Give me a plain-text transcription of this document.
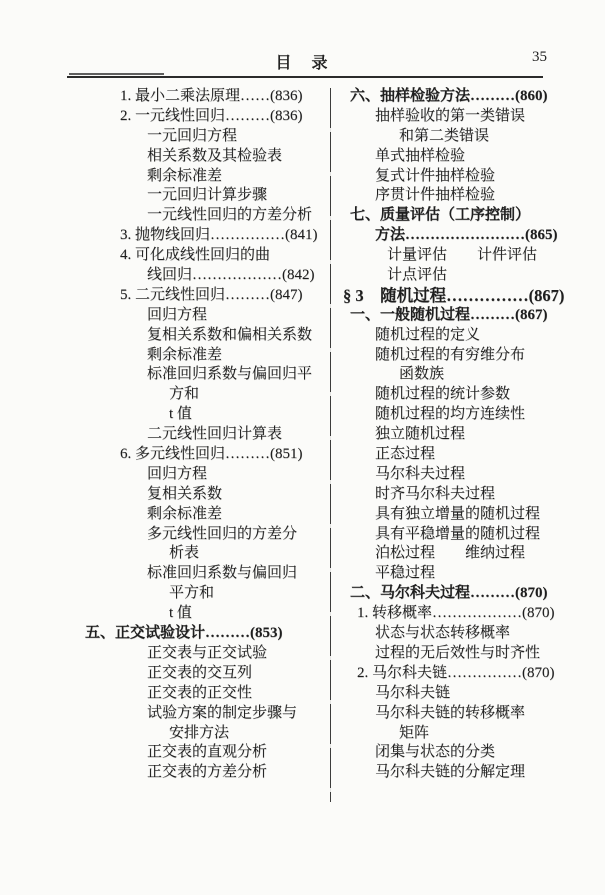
目　录	35
1. 最小二乘法原理……(836)
2. 一元线性回归………(836)
一元回归方程
相关系数及其检验表
剩余标准差
一元回归计算步骤
一元线性回归的方差分析
3. 抛物线回归……………(841)
4. 可化成线性回归的曲
线回归………………(842)
5. 二元线性回归………(847)
回归方程
复相关系数和偏相关系数
剩余标准差
标准回归系数与偏回归平
方和
t 值
二元线性回归计算表
6. 多元线性回归………(851)
回归方程
复相关系数
剩余标准差
多元线性回归的方差分
析表
标准回归系数与偏回归
平方和
t 值
五、正交试验设计………(853)
正交表与正交试验
正交表的交互列
正交表的正交性
试验方案的制定步骤与
安排方法
正交表的直观分析
正交表的方差分析
六、抽样检验方法………(860)
抽样验收的第一类错误
和第二类错误
单式抽样检验
复式计件抽样检验
序贯计件抽样检验
七、质量评估（工序控制）
方法……………………(865)
计量评估　　计件评估
计点评估
§ 3　随机过程……………(867)
一、一般随机过程………(867)
随机过程的定义
随机过程的有穷维分布
函数族
随机过程的统计参数
随机过程的均方连续性
独立随机过程
正态过程
马尔科夫过程
时齐马尔科夫过程
具有独立增量的随机过程
具有平稳增量的随机过程
泊松过程　　维纳过程
平稳过程
二、马尔科夫过程………(870)
1. 转移概率………………(870)
状态与状态转移概率
过程的无后效性与时齐性
2. 马尔科夫链……………(870)
马尔科夫链
马尔科夫链的转移概率
矩阵
闭集与状态的分类
马尔科夫链的分解定理
